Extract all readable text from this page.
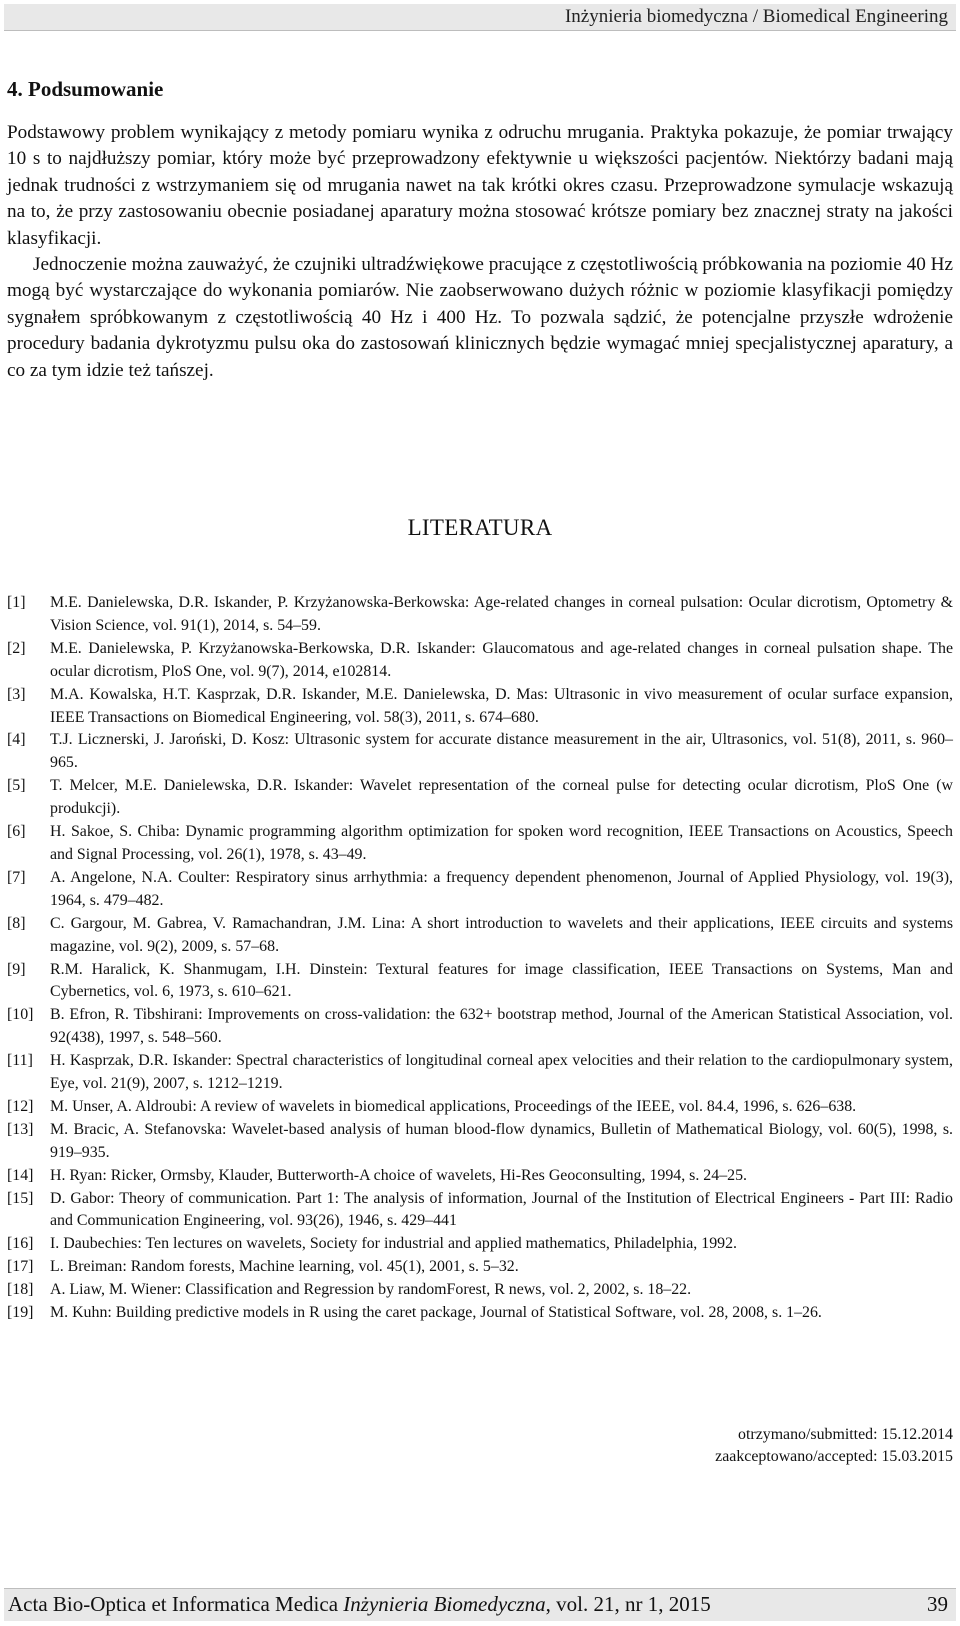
Inżynieria biomedyczna / Biomedical Engineering
4. Podsumowanie

Podstawowy problem wynikający z metody pomiaru wynika z odruchu mrugania. Praktyka pokazuje, że pomiar trwający 10 s to najdłuższy pomiar, który może być przeprowadzony efektywnie u większości pacjentów. Niektórzy badani mają jednak trudności z wstrzymaniem się od mrugania nawet na tak krótki okres czasu. Przeprowadzone symulacje wskazują na to, że przy zastosowaniu obecnie posiadanej aparatury można stosować krótsze pomiary bez znacznej straty na jakości klasyfikacji.

Jednoczenie można zauważyć, że czujniki ultradźwiękowe pracujące z częstotliwością próbkowania na poziomie 40 Hz mogą być wystarczające do wykonania pomiarów. Nie zaobserwowano dużych różnic w poziomie klasyfikacji pomiędzy sygnałem spróbkowanym z częstotliwością 40 Hz i 400 Hz. To pozwala sądzić, że potencjalne przyszłe wdrożenie procedury badania dykrotyzmu pulsu oka do zastosowań klinicznych będzie wymagać mniej specjalistycznej aparatury, a co za tym idzie też tańszej.

LITERATURA
[1] M.E. Danielewska, D.R. Iskander, P. Krzyżanowska-Berkowska: Age-related changes in corneal pulsation: Ocular dicrotism, Optometry & Vision Science, vol. 91(1), 2014, s. 54–59.
[2] M.E. Danielewska, P. Krzyżanowska-Berkowska, D.R. Iskander: Glaucomatous and age-related changes in corneal pulsation shape. The ocular dicrotism, PloS One, vol. 9(7), 2014, e102814.
[3] M.A. Kowalska, H.T. Kasprzak, D.R. Iskander, M.E. Danielewska, D. Mas: Ultrasonic in vivo measurement of ocular surface expansion, IEEE Transactions on Biomedical Engineering, vol. 58(3), 2011, s. 674–680.
[4] T.J. Licznerski, J. Jaroński, D. Kosz: Ultrasonic system for accurate distance measurement in the air, Ultrasonics, vol. 51(8), 2011, s. 960–965.
[5] T. Melcer, M.E. Danielewska, D.R. Iskander: Wavelet representation of the corneal pulse for detecting ocular dicrotism, PloS One (w produkcji).
[6] H. Sakoe, S. Chiba: Dynamic programming algorithm optimization for spoken word recognition, IEEE Transactions on Acoustics, Speech and Signal Processing, vol. 26(1), 1978, s. 43–49.
[7] A. Angelone, N.A. Coulter: Respiratory sinus arrhythmia: a frequency dependent phenomenon, Journal of Applied Physiology, vol. 19(3), 1964, s. 479–482.
[8] C. Gargour, M. Gabrea, V. Ramachandran, J.M. Lina: A short introduction to wavelets and their applications, IEEE circuits and systems magazine, vol. 9(2), 2009, s. 57–68.
[9] R.M. Haralick, K. Shanmugam, I.H. Dinstein: Textural features for image classification, IEEE Transactions on Systems, Man and Cybernetics, vol. 6, 1973, s. 610–621.
[10] B. Efron, R. Tibshirani: Improvements on cross-validation: the 632+ bootstrap method, Journal of the American Statistical Association, vol. 92(438), 1997, s. 548–560.
[11] H. Kasprzak, D.R. Iskander: Spectral characteristics of longitudinal corneal apex velocities and their relation to the cardiopulmonary system, Eye, vol. 21(9), 2007, s. 1212–1219.
[12] M. Unser, A. Aldroubi: A review of wavelets in biomedical applications, Proceedings of the IEEE, vol. 84.4, 1996, s. 626–638.
[13] M. Bracic, A. Stefanovska: Wavelet-based analysis of human blood-flow dynamics, Bulletin of Mathematical Biology, vol. 60(5), 1998, s. 919–935.
[14] H. Ryan: Ricker, Ormsby, Klauder, Butterworth-A choice of wavelets, Hi-Res Geoconsulting, 1994, s. 24–25.
[15] D. Gabor: Theory of communication. Part 1: The analysis of information, Journal of the Institution of Electrical Engineers - Part III: Radio and Communication Engineering, vol. 93(26), 1946, s. 429–441
[16] I. Daubechies: Ten lectures on wavelets, Society for industrial and applied mathematics, Philadelphia, 1992.
[17] L. Breiman: Random forests, Machine learning, vol. 45(1), 2001, s. 5–32.
[18] A. Liaw, M. Wiener: Classification and Regression by randomForest, R news, vol. 2, 2002, s. 18–22.
[19] M. Kuhn: Building predictive models in R using the caret package, Journal of Statistical Software, vol. 28, 2008, s. 1–26.
otrzymano/submitted: 15.12.2014
zaakceptowano/accepted: 15.03.2015
Acta Bio-Optica et Informatica Medica Inżynieria Biomedyczna, vol. 21, nr 1, 2015	39
